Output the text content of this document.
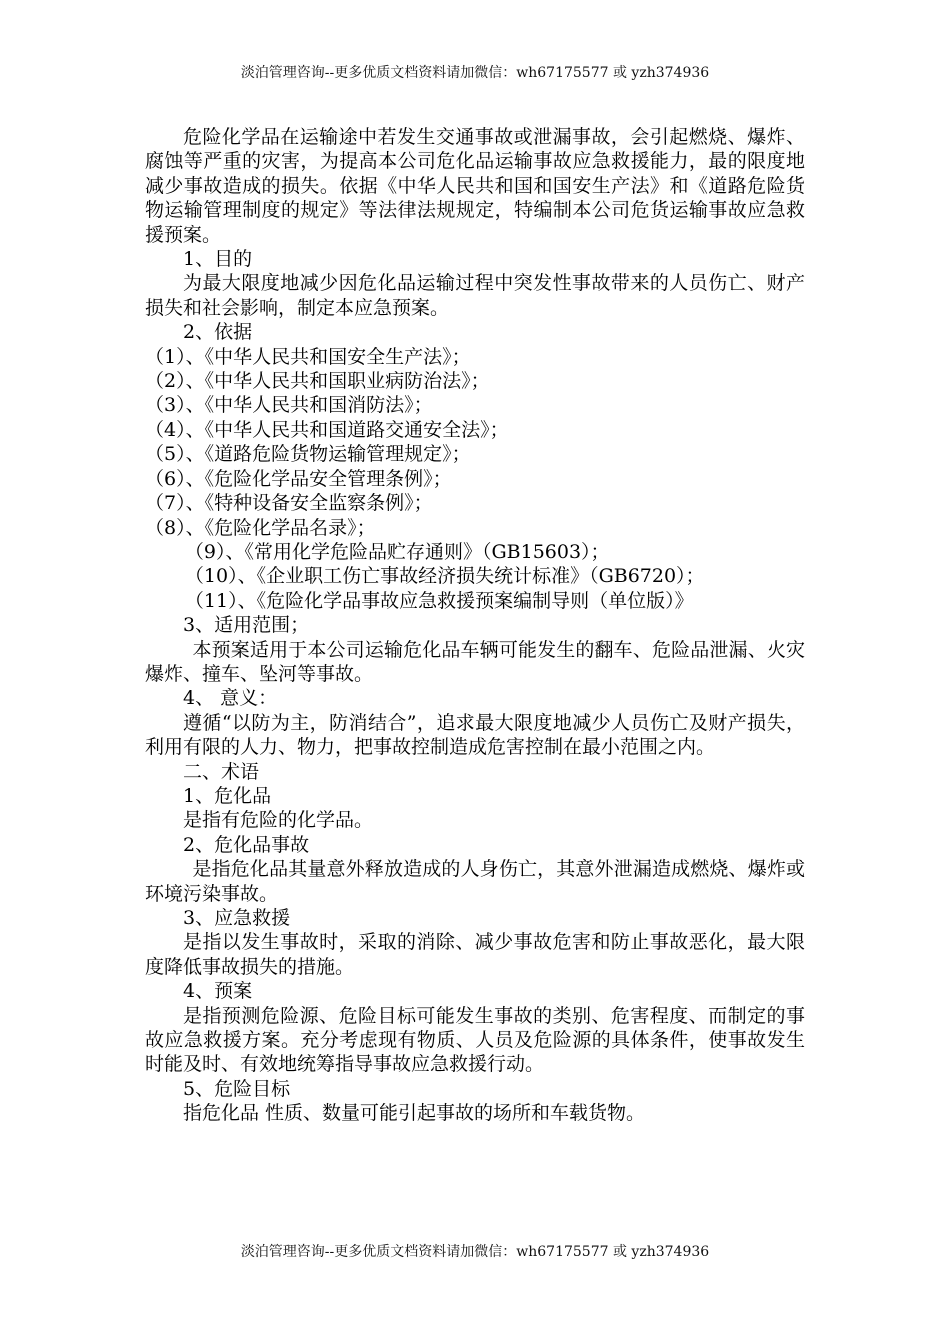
淡泊管理咨询--更多优质文档资料请加微信：wh67175577 或 yzh374936

危险化学品在运输途中若发生交通事故或泄漏事故，会引起燃烧、爆炸、腐蚀等严重的灾害，为提高本公司危化品运输事故应急救援能力，最的限度地减少事故造成的损失。依据《中华人民共和国和国安生产法》和《道路危险货物运输管理制度的规定》等法律法规规定，特编制本公司危货运输事故应急救援预案。

1、目的

为最大限度地减少因危化品运输过程中突发性事故带来的人员伤亡、财产损失和社会影响，制定本应急预案。

2、依据

（1）、《中华人民共和国安全生产法》；

（2）、《中华人民共和国职业病防治法》；

（3）、《中华人民共和国消防法》；

（4）、《中华人民共和国道路交通安全法》；

（5）、《道路危险货物运输管理规定》；

（6）、《危险化学品安全管理条例》；

（7）、《特种设备安全监察条例》；

（8）、《危险化学品名录》；

（9）、《常用化学危险品贮存通则》（GB15603）；

（10）、《企业职工伤亡事故经济损失统计标准》（GB6720）；

（11）、《危险化学品事故应急救援预案编制导则（单位版）》

3、适用范围；

本预案适用于本公司运输危化品车辆可能发生的翻车、危险品泄漏、火灾爆炸、撞车、坠河等事故。

4、 意义：

遵循“以防为主，防消结合”，追求最大限度地减少人员伤亡及财产损失，利用有限的人力、物力，把事故控制造成危害控制在最小范围之内。

二、术语

1、危化品

是指有危险的化学品。

2、危化品事故

是指危化品其量意外释放造成的人身伤亡，其意外泄漏造成燃烧、爆炸或环境污染事故。

3、应急救援

是指以发生事故时，采取的消除、减少事故危害和防止事故恶化，最大限度降低事故损失的措施。

4、预案

是指预测危险源、危险目标可能发生事故的类别、危害程度、而制定的事故应急救援方案。充分考虑现有物质、人员及危险源的具体条件，使事故发生时能及时、有效地统筹指导事故应急救援行动。

5、危险目标

指危化品 性质、数量可能引起事故的场所和车载货物。

淡泊管理咨询--更多优质文档资料请加微信：wh67175577 或 yzh374936
